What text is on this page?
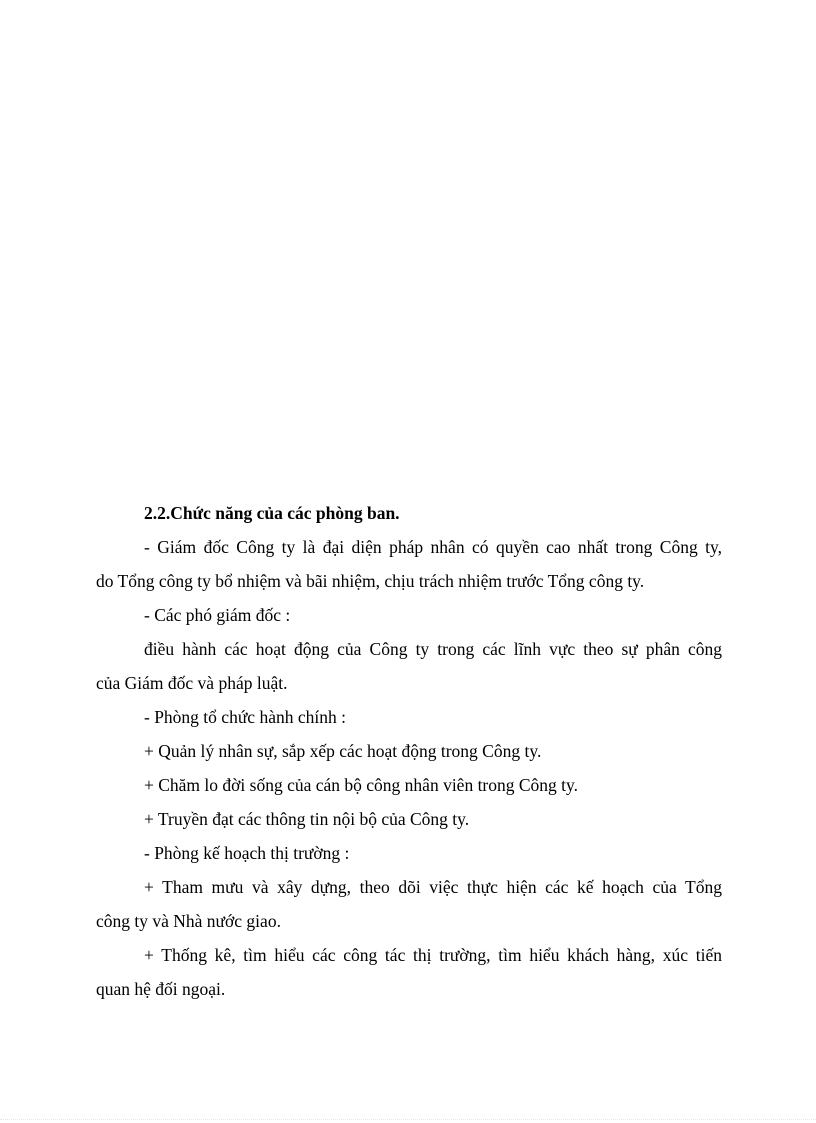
2.2.Chức năng của các phòng ban.
- Giám đốc Công ty là đại diện pháp nhân có quyền cao nhất trong Công ty,
do Tổng công ty bổ nhiệm và bãi nhiệm, chịu trách nhiệm trước Tổng công ty.
- Các phó giám đốc :
điều hành các hoạt động của Công ty trong các lĩnh vực theo sự phân công
của Giám đốc và pháp luật.
- Phòng tổ chức hành chính :
+ Quản lý nhân sự, sắp xếp các hoạt động trong Công ty.
+ Chăm lo đời sống của cán bộ công nhân viên trong Công ty.
+ Truyền đạt các thông tin nội bộ của Công ty.
- Phòng kế hoạch thị trường :
+ Tham mưu và xây dựng, theo dõi việc thực hiện các kế hoạch của Tổng
công ty và Nhà nước giao.
+ Thống kê, tìm hiểu các công tác thị trường, tìm hiểu khách hàng, xúc tiến
quan hệ đối ngoại.
